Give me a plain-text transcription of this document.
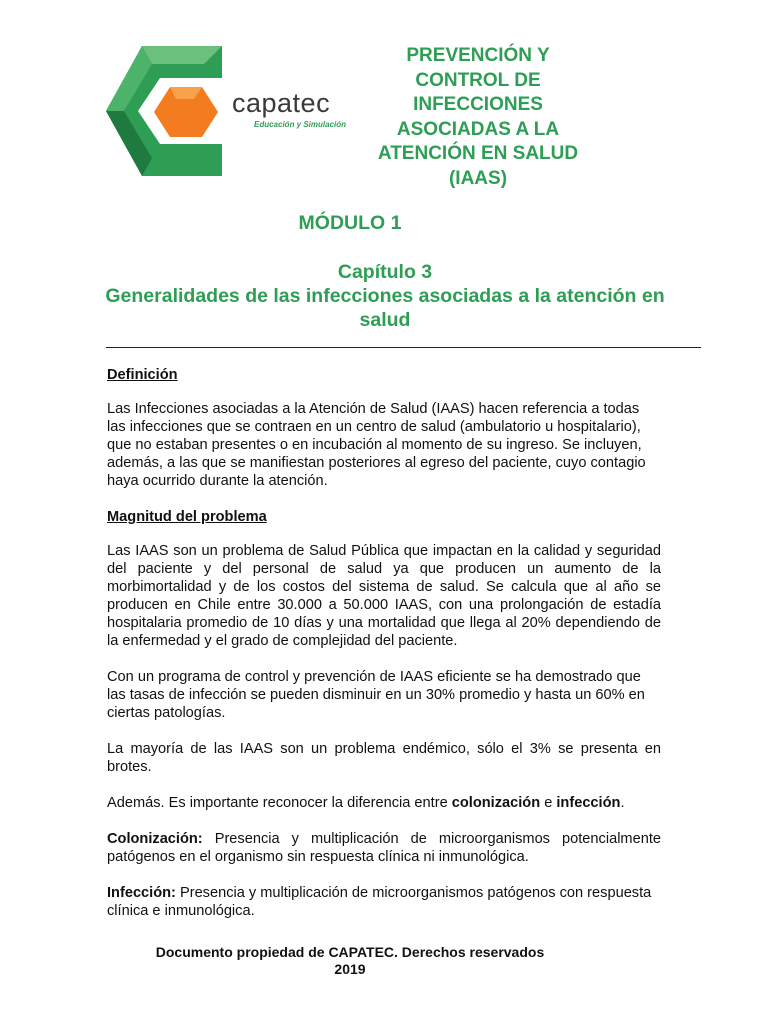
capatec
Educación y Simulación
PREVENCIÓN Y
CONTROL DE
INFECCIONES
ASOCIADAS A LA
ATENCIÓN EN SALUD
(IAAS)
MÓDULO 1
Capítulo 3
Generalidades de las infecciones asociadas a la atención en salud

Definición

Las Infecciones asociadas a la Atención de Salud (IAAS) hacen referencia a todas las infecciones que se contraen en un centro de salud (ambulatorio u hospitalario), que no estaban presentes o en incubación al momento de su ingreso. Se incluyen, además, a las que se manifiestan posteriores al egreso del paciente, cuyo contagio haya ocurrido durante la atención.

Magnitud del problema

Las IAAS son un problema de Salud Pública que impactan en la calidad y seguridad del paciente y del personal de salud ya que producen un aumento de la morbimortalidad y de los costos del sistema de salud. Se calcula que al año se producen en Chile entre 30.000 a 50.000 IAAS, con una prolongación de estadía hospitalaria promedio de 10 días y una mortalidad que llega al 20% dependiendo de la enfermedad y el grado de complejidad del paciente.

Con un programa de control y prevención de IAAS eficiente se ha demostrado que las tasas de infección se pueden disminuir en un 30% promedio y hasta un 60% en ciertas patologías.

La mayoría de las IAAS son un problema endémico, sólo el 3% se presenta en brotes.

Además. Es importante reconocer la diferencia entre colonización e infección.

Colonización: Presencia y multiplicación de microorganismos potencialmente patógenos en el organismo sin respuesta clínica ni inmunológica.

Infección: Presencia y multiplicación de microorganismos patógenos con respuesta clínica e inmunológica.

Documento propiedad de CAPATEC. Derechos reservados
2019
